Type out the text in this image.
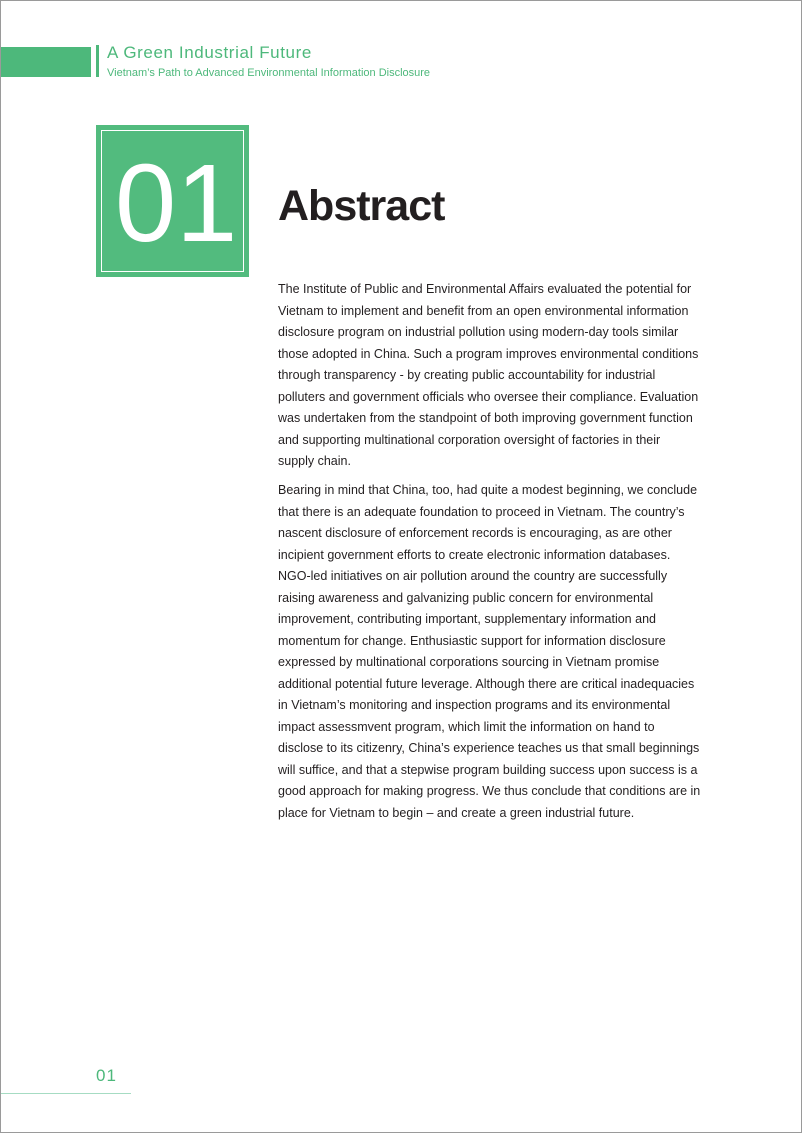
A Green Industrial Future
Vietnam’s Path to Advanced Environmental Information Disclosure
01 Abstract

The Institute of Public and Environmental Affairs evaluated the potential for
Vietnam to implement and benefit from an open environmental information
disclosure program on industrial pollution using modern-day tools similar
those adopted in China. Such a program improves environmental conditions
through transparency - by creating public accountability for industrial
polluters and government officials who oversee their compliance. Evaluation
was undertaken from the standpoint of both improving government function
and supporting multinational corporation oversight of factories in their
supply chain.

Bearing in mind that China, too, had quite a modest beginning, we conclude
that there is an adequate foundation to proceed in Vietnam. The country’s
nascent disclosure of enforcement records is encouraging, as are other
incipient government efforts to create electronic information databases.
NGO-led initiatives on air pollution around the country are successfully
raising awareness and galvanizing public concern for environmental
improvement, contributing important, supplementary information and
momentum for change. Enthusiastic support for information disclosure
expressed by multinational corporations sourcing in Vietnam promise
additional potential future leverage. Although there are critical inadequacies
in Vietnam’s monitoring and inspection programs and its environmental
impact assessmvent program, which limit the information on hand to
disclose to its citizenry, China’s experience teaches us that small beginnings
will suffice, and that a stepwise program building success upon success is a
good approach for making progress. We thus conclude that conditions are in
place for Vietnam to begin – and create a green industrial future.

01
